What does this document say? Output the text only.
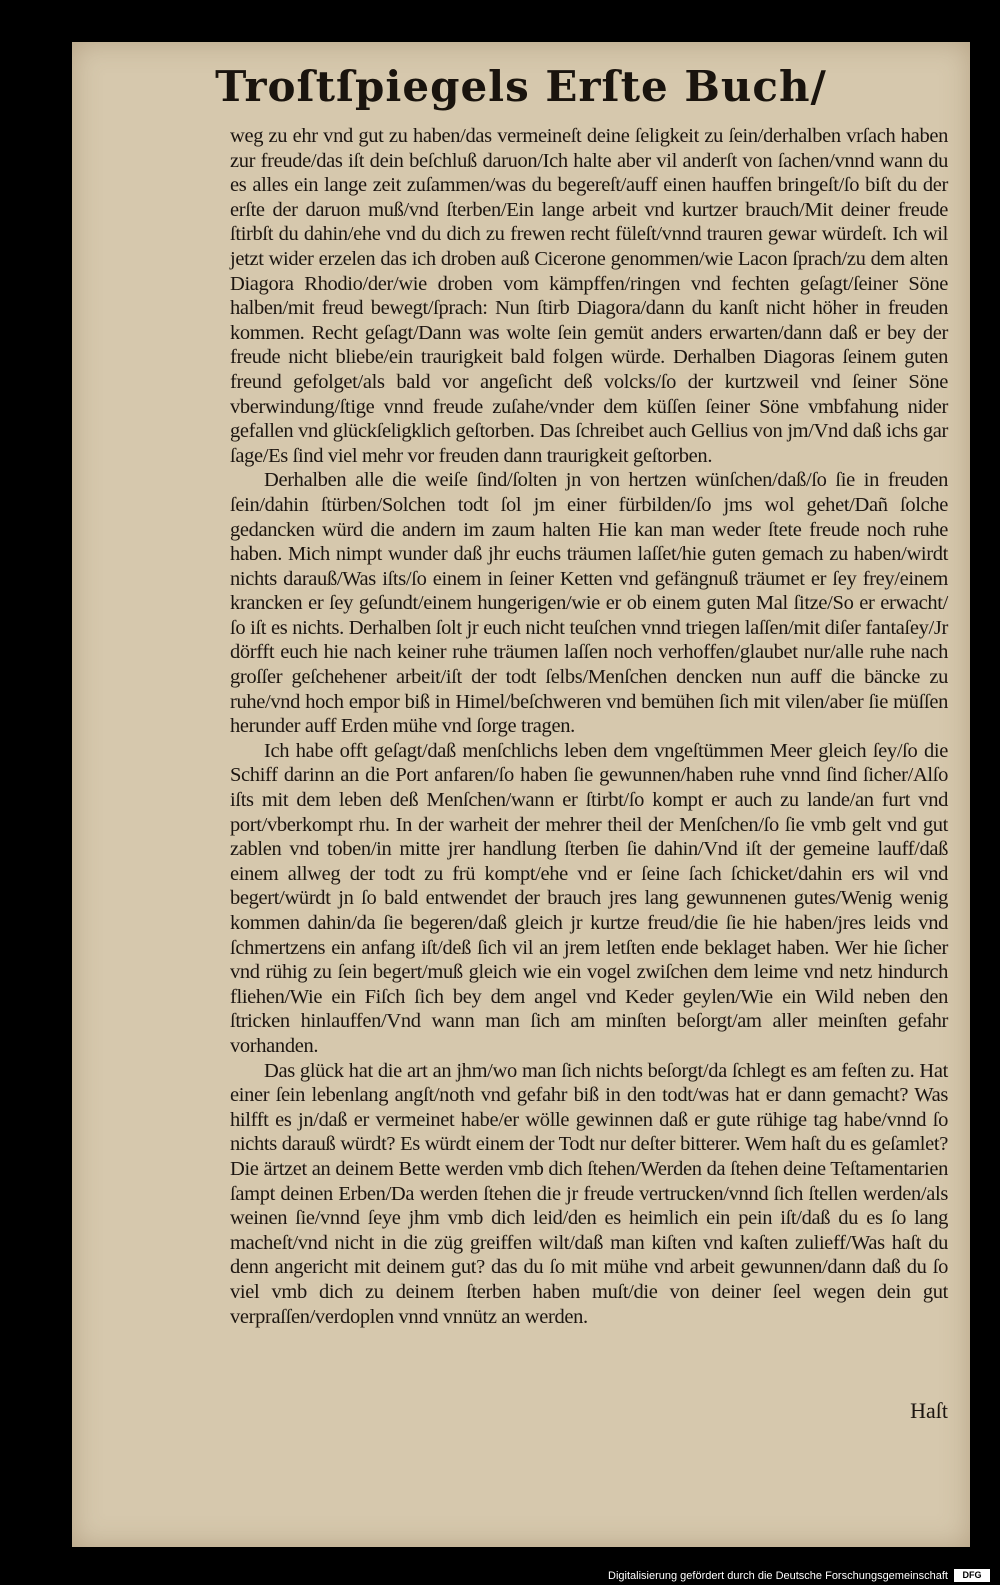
Troſtſpiegels Erſte Buch/

weg zu ehr vnd gut zu haben/das vermeineſt deine ſeligkeit zu ſein/derhalben vrſach haben zur freude/das iſt dein beſchluß daruon/Ich halte aber vil anderſt von ſachen/vnnd wann du es alles ein lange zeit zuſammen/was du begereſt/auff einen hauffen bringeſt/ſo biſt du der erſte der daruon muß/vnd ſterben/Ein lange arbeit vnd kurtzer brauch/Mit deiner freude ſtirbſt du dahin/ehe vnd du dich zu frewen recht füleſt/vnnd trauren gewar würdeſt. Ich wil jetzt wider erzelen das ich droben auß Cicerone genommen/wie Lacon ſprach/zu dem alten Diagora Rhodio/der/wie droben vom kämpffen/ringen vnd fechten geſagt/ſeiner Söne halben/mit freud bewegt/ſprach: Nun ſtirb Diagora/dann du kanſt nicht höher in freuden kommen. Recht geſagt/Dann was wolte ſein gemüt anders erwarten/dann daß er bey der freude nicht bliebe/ein traurigkeit bald folgen würde. Derhalben Diagoras ſeinem guten freund gefolget/als bald vor angeſicht deß volcks/ſo der kurtzweil vnd ſeiner Söne vberwindung/ſtige vnnd freude zuſahe/vnder dem küſſen ſeiner Söne vmbfahung nider gefallen vnd glückſeligklich geſtorben. Das ſchreibet auch Gellius von jm/Vnd daß ichs gar ſage/Es ſind viel mehr vor freuden dann traurigkeit geſtorben.

Derhalben alle die weiſe ſind/ſolten jn von hertzen wünſchen/daß/ſo ſie in freuden ſein/dahin ſtürben/Solchen todt ſol jm einer fürbilden/ſo jms wol gehet/Dañ ſolche gedancken würd die andern im zaum halten Hie kan man weder ſtete freude noch ruhe haben. Mich nimpt wunder daß jhr euchs träumen laſſet/hie guten gemach zu haben/wirdt nichts darauß/Was iſts/ſo einem in ſeiner Ketten vnd gefängnuß träumet er ſey frey/einem krancken er ſey geſundt/einem hungerigen/wie er ob einem guten Mal ſitze/So er erwacht/ſo iſt es nichts. Derhalben ſolt jr euch nicht teuſchen vnnd triegen laſſen/mit diſer fantaſey/Jr dörfft euch hie nach keiner ruhe träumen laſſen noch verhoffen/glaubet nur/alle ruhe nach groſſer geſchehener arbeit/iſt der todt ſelbs/Menſchen dencken nun auff die bäncke zu ruhe/vnd hoch empor biß in Himel/beſchweren vnd bemühen ſich mit vilen/aber ſie müſſen herunder auff Erden mühe vnd ſorge tragen.

Ich habe offt geſagt/daß menſchlichs leben dem vngeſtümmen Meer gleich ſey/ſo die Schiff darinn an die Port anfaren/ſo haben ſie gewunnen/haben ruhe vnnd ſind ſicher/Alſo iſts mit dem leben deß Menſchen/wann er ſtirbt/ſo kompt er auch zu lande/an furt vnd port/vberkompt rhu. In der warheit der mehrer theil der Menſchen/ſo ſie vmb gelt vnd gut zablen vnd toben/in mitte jrer handlung ſterben ſie dahin/Vnd iſt der gemeine lauff/daß einem allweg der todt zu frü kompt/ehe vnd er ſeine ſach ſchicket/dahin ers wil vnd begert/würdt jn ſo bald entwendet der brauch jres lang gewunnenen gutes/Wenig wenig kommen dahin/da ſie begeren/daß gleich jr kurtze freud/die ſie hie haben/jres leids vnd ſchmertzens ein anfang iſt/deß ſich vil an jrem letſten ende beklaget haben. Wer hie ſicher vnd rühig zu ſein begert/muß gleich wie ein vogel zwiſchen dem leime vnd netz hindurch fliehen/Wie ein Fiſch ſich bey dem angel vnd Keder geylen/Wie ein Wild neben den ſtricken hinlauffen/Vnd wann man ſich am minſten beſorgt/am aller meinſten gefahr vorhanden.

Das glück hat die art an jhm/wo man ſich nichts beſorgt/da ſchlegt es am feſten zu. Hat einer ſein lebenlang angſt/noth vnd gefahr biß in den todt/was hat er dann gemacht? Was hilfft es jn/daß er vermeinet habe/er wölle gewinnen daß er gute rühige tag habe/vnnd ſo nichts darauß würdt? Es würdt einem der Todt nur deſter bitterer. Wem haſt du es geſamlet? Die ärtzet an deinem Bette werden vmb dich ſtehen/Werden da ſtehen deine Teſtamentarien ſampt deinen Erben/Da werden ſtehen die jr freude vertrucken/vnnd ſich ſtellen werden/als weinen ſie/vnnd ſeye jhm vmb dich leid/den es heimlich ein pein iſt/daß du es ſo lang macheſt/vnd nicht in die züg greiffen wilt/daß man kiſten vnd kaſten zulieff/Was haſt du denn angericht mit deinem gut? das du ſo mit mühe vnd arbeit gewunnen/dann daß du ſo viel vmb dich zu deinem ſterben haben muſt/die von deiner ſeel wegen dein gut verpraſſen/verdoplen vnnd vnnütz an werden.

Haſt
Digitalisierung gefördert durch die Deutsche Forschungsgemeinschaft	DFG
